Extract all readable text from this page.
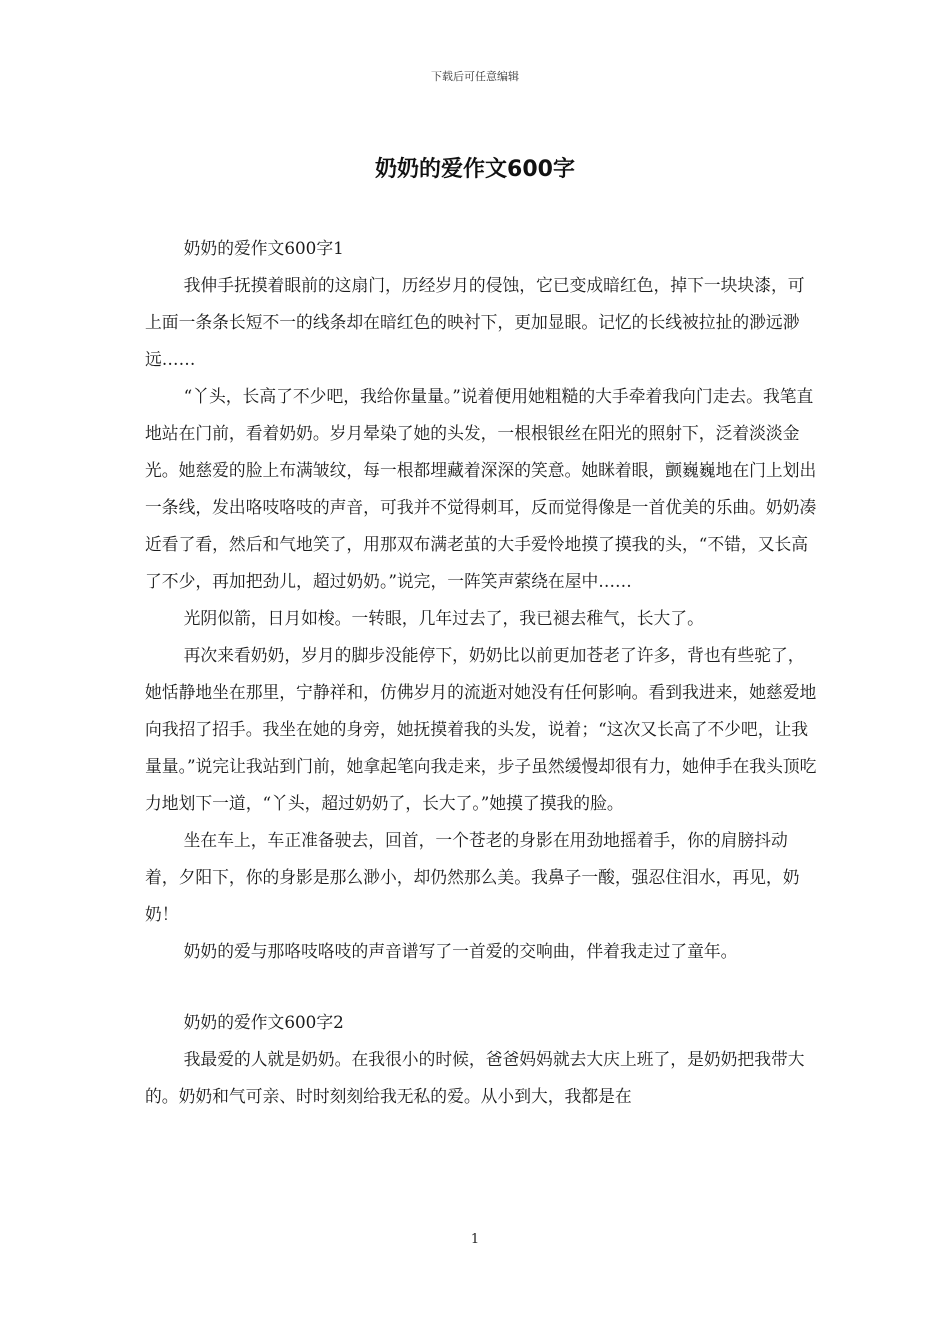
下载后可任意编辑
奶奶的爱作文600字

奶奶的爱作文600字1

我伸手抚摸着眼前的这扇门，历经岁月的侵蚀，它已变成暗红色，掉下一块块漆，可上面一条条长短不一的线条却在暗红色的映衬下，更加显眼。记忆的长线被拉扯的渺远渺远……

“丫头，长高了不少吧，我给你量量。”说着便用她粗糙的大手牵着我向门走去。我笔直地站在门前，看着奶奶。岁月晕染了她的头发，一根根银丝在阳光的照射下，泛着淡淡金光。她慈爱的脸上布满皱纹，每一根都埋藏着深深的笑意。她眯着眼，颤巍巍地在门上划出一条线，发出咯吱咯吱的声音，可我并不觉得刺耳，反而觉得像是一首优美的乐曲。奶奶凑近看了看，然后和气地笑了，用那双布满老茧的大手爱怜地摸了摸我的头，“不错，又长高了不少，再加把劲儿，超过奶奶。”说完，一阵笑声萦绕在屋中……

光阴似箭，日月如梭。一转眼，几年过去了，我已褪去稚气，长大了。

再次来看奶奶，岁月的脚步没能停下，奶奶比以前更加苍老了许多，背也有些驼了，她恬静地坐在那里，宁静祥和，仿佛岁月的流逝对她没有任何影响。看到我进来，她慈爱地向我招了招手。我坐在她的身旁，她抚摸着我的头发，说着；“这次又长高了不少吧，让我量量。”说完让我站到门前，她拿起笔向我走来，步子虽然缓慢却很有力，她伸手在我头顶吃力地划下一道，“丫头，超过奶奶了，长大了。”她摸了摸我的脸。

坐在车上，车正准备驶去，回首，一个苍老的身影在用劲地摇着手，你的肩膀抖动着，夕阳下，你的身影是那么渺小，却仍然那么美。我鼻子一酸，强忍住泪水，再见，奶奶！

奶奶的爱与那咯吱咯吱的声音谱写了一首爱的交响曲，伴着我走过了童年。

奶奶的爱作文600字2

我最爱的人就是奶奶。在我很小的时候，爸爸妈妈就去大庆上班了，是奶奶把我带大的。奶奶和气可亲、时时刻刻给我无私的爱。从小到大，我都是在

1
